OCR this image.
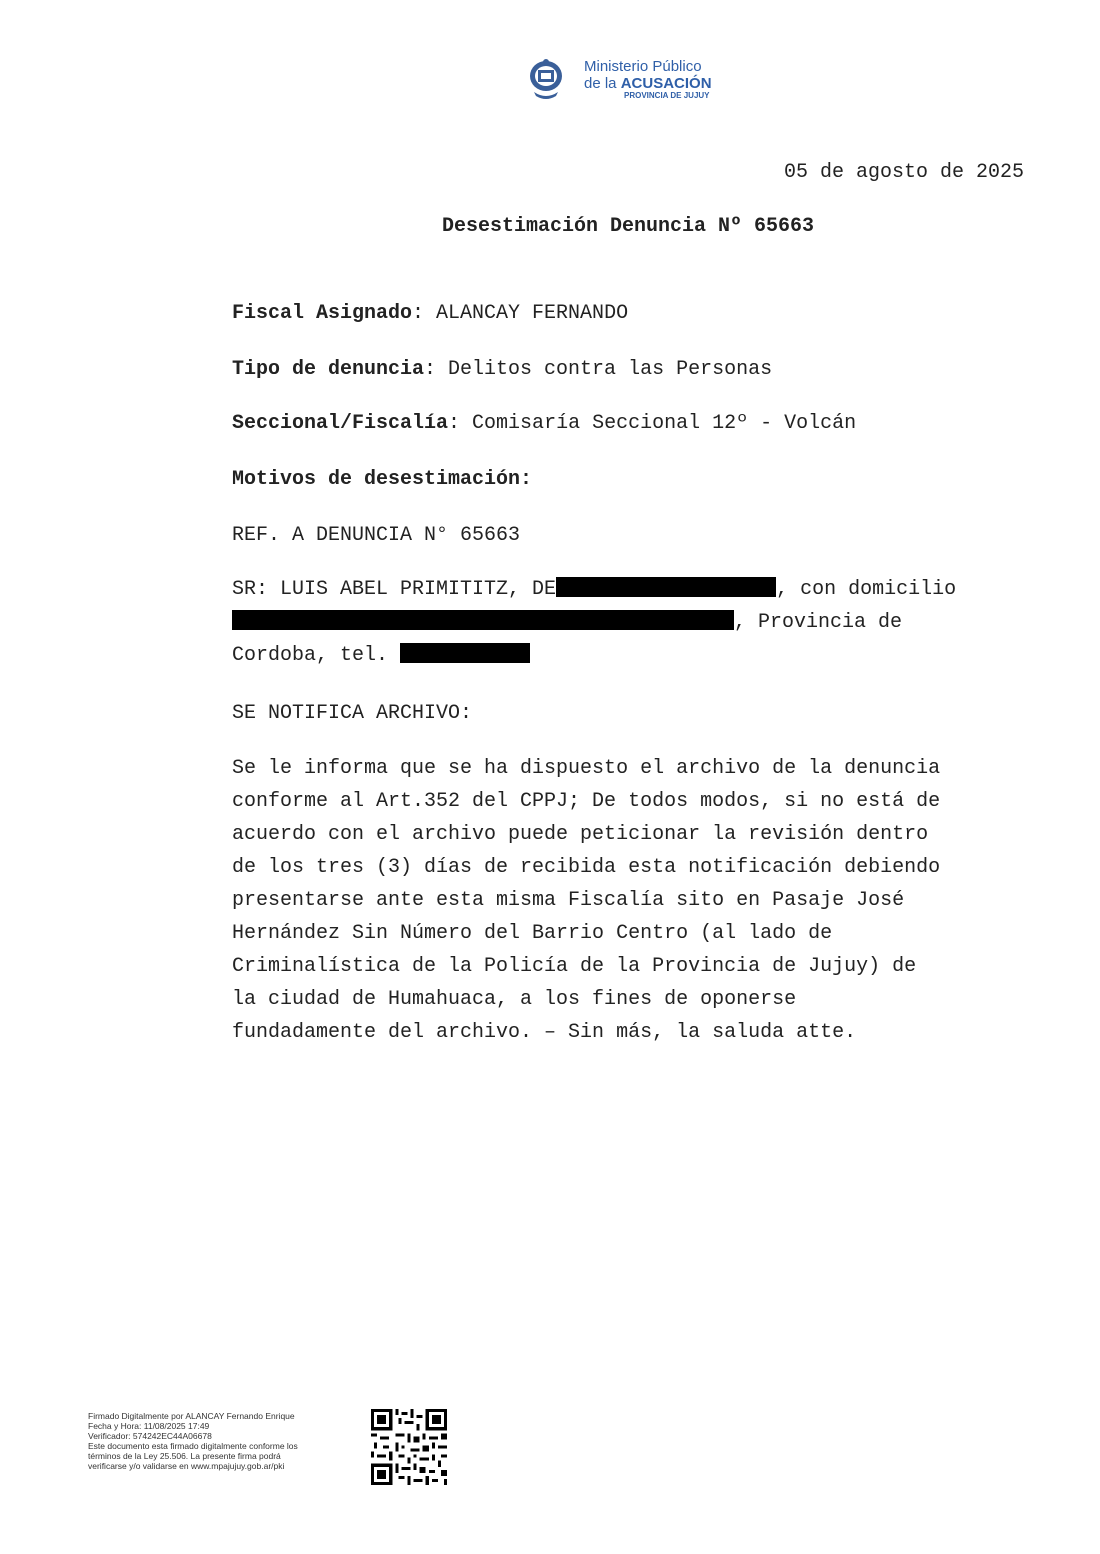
Ministerio Público
de la ACUSACIÓN
PROVINCIA DE JUJUY
05 de agosto de 2025
Desestimación Denuncia Nº 65663
Fiscal Asignado: ALANCAY FERNANDO
Tipo de denuncia: Delitos contra las Personas
Seccional/Fiscalía: Comisaría Seccional 12º - Volcán
Motivos de desestimación:
REF. A DENUNCIA N° 65663
SR: LUIS ABEL PRIMITITZ, DE	, con domicilio
, Provincia de
Cordoba, tel.
SE NOTIFICA ARCHIVO:
Se le informa que se ha dispuesto el archivo de la denuncia
conforme al Art.352 del CPPJ; De todos modos, si no está de
acuerdo con el archivo puede peticionar la revisión dentro
de los tres (3) días de recibida esta notificación debiendo
presentarse ante esta misma Fiscalía sito en Pasaje José
Hernández Sin Número del Barrio Centro (al lado de
Criminalística de la Policía de la Provincia de Jujuy) de
la ciudad de Humahuaca, a los fines de oponerse
fundadamente del archivo. – Sin más, la saluda atte.
Firmado Digitalmente por ALANCAY Fernando Enrique
Fecha y Hora: 11/08/2025 17:49
Verificador: 574242EC44A06678
Este documento esta firmado digitalmente conforme los
términos de la Ley 25.506. La presente firma podrá
verificarse y/o validarse en www.mpajujuy.gob.ar/pki
